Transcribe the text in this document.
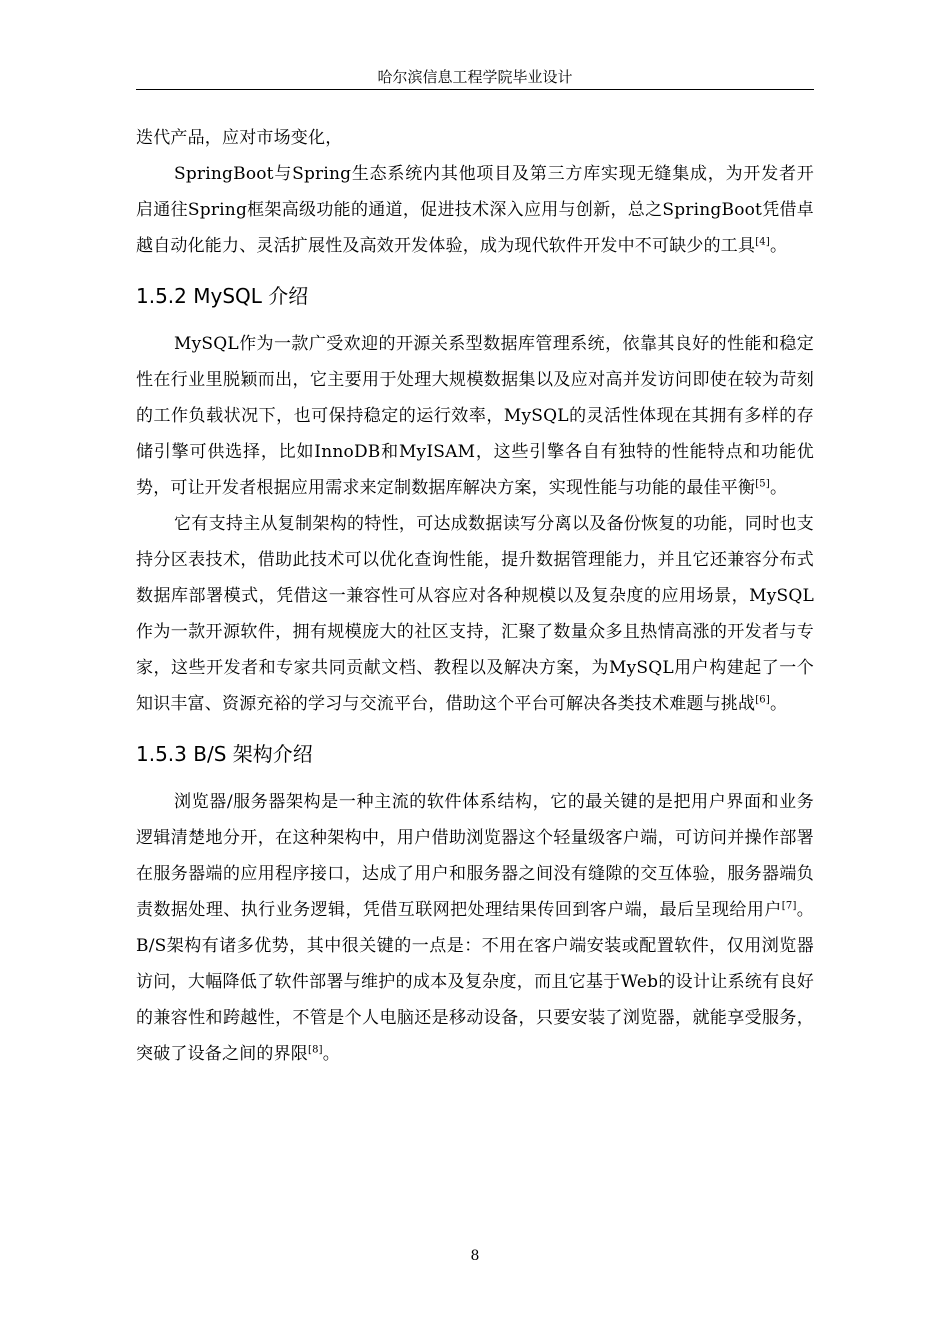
哈尔滨信息工程学院毕业设计

迭代产品，应对市场变化，

SpringBoot与Spring生态系统内其他项目及第三方库实现无缝集成，为开发者开启通往Spring框架高级功能的通道，促进技术深入应用与创新，总之SpringBoot凭借卓越自动化能力、灵活扩展性及高效开发体验，成为现代软件开发中不可缺少的工具[4]。

1.5.2 MySQL 介绍

MySQL作为一款广受欢迎的开源关系型数据库管理系统，依靠其良好的性能和稳定性在行业里脱颖而出，它主要用于处理大规模数据集以及应对高并发访问即使在较为苛刻的工作负载状况下，也可保持稳定的运行效率，MySQL的灵活性体现在其拥有多样的存储引擎可供选择，比如InnoDB和MyISAM，这些引擎各自有独特的性能特点和功能优势，可让开发者根据应用需求来定制数据库解决方案，实现性能与功能的最佳平衡[5]。

它有支持主从复制架构的特性，可达成数据读写分离以及备份恢复的功能，同时也支持分区表技术，借助此技术可以优化查询性能，提升数据管理能力，并且它还兼容分布式数据库部署模式，凭借这一兼容性可从容应对各种规模以及复杂度的应用场景，MySQL作为一款开源软件，拥有规模庞大的社区支持，汇聚了数量众多且热情高涨的开发者与专家，这些开发者和专家共同贡献文档、教程以及解决方案，为MySQL用户构建起了一个知识丰富、资源充裕的学习与交流平台，借助这个平台可解决各类技术难题与挑战[6]。

1.5.3 B/S 架构介绍

浏览器/服务器架构是一种主流的软件体系结构，它的最关键的是把用户界面和业务逻辑清楚地分开，在这种架构中，用户借助浏览器这个轻量级客户端，可访问并操作部署在服务器端的应用程序接口，达成了用户和服务器之间没有缝隙的交互体验，服务器端负责数据处理、执行业务逻辑，凭借互联网把处理结果传回到客户端，最后呈现给用户[7]。B/S架构有诸多优势，其中很关键的一点是：不用在客户端安装或配置软件，仅用浏览器访问，大幅降低了软件部署与维护的成本及复杂度，而且它基于Web的设计让系统有良好的兼容性和跨越性，不管是个人电脑还是移动设备，只要安装了浏览器，就能享受服务，突破了设备之间的界限[8]。

8
